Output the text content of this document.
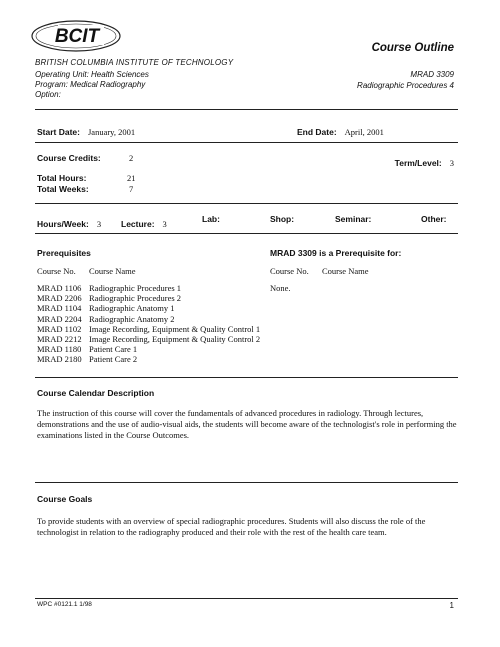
BCIT
BRITISH COLUMBIA INSTITUTE OF TECHNOLOGY
Operating Unit: Health Sciences
Program: Medical Radiography
Option:
Course Outline
MRAD 3309
Radiographic Procedures 4
Start Date: January, 2001	End Date: April, 2001
Course Credits:	2	Term/Level: 3
Total Hours:	21
Total Weeks:	7
Hours/Week: 3 Lecture: 3	Lab:	Shop:	Seminar:	Other:
Prerequisites
Course No. Course Name
MRAD 1106 Radiographic Procedures 1
MRAD 2206 Radiographic Procedures 2
MRAD 1104 Radiographic Anatomy 1
MRAD 2204 Radiographic Anatomy 2
MRAD 1102 Image Recording, Equipment & Quality Control 1
MRAD 2212 Image Recording, Equipment & Quality Control 2
MRAD 1180 Patient Care 1
MRAD 2180 Patient Care 2
MRAD 3309 is a Prerequisite for:
Course No. Course Name
None.
Course Calendar Description
The instruction of this course will cover the fundamentals of advanced procedures in radiology. Through lectures, demonstrations and the use of audio-visual aids, the students will become aware of the technologist's role in performing the examinations listed in the Course Outcomes.
Course Goals
To provide students with an overview of special radiographic procedures. Students will also discuss the role of the technologist in relation to the radiography produced and their role with the rest of the health care team.
WPC #0121.1 1/98	1
